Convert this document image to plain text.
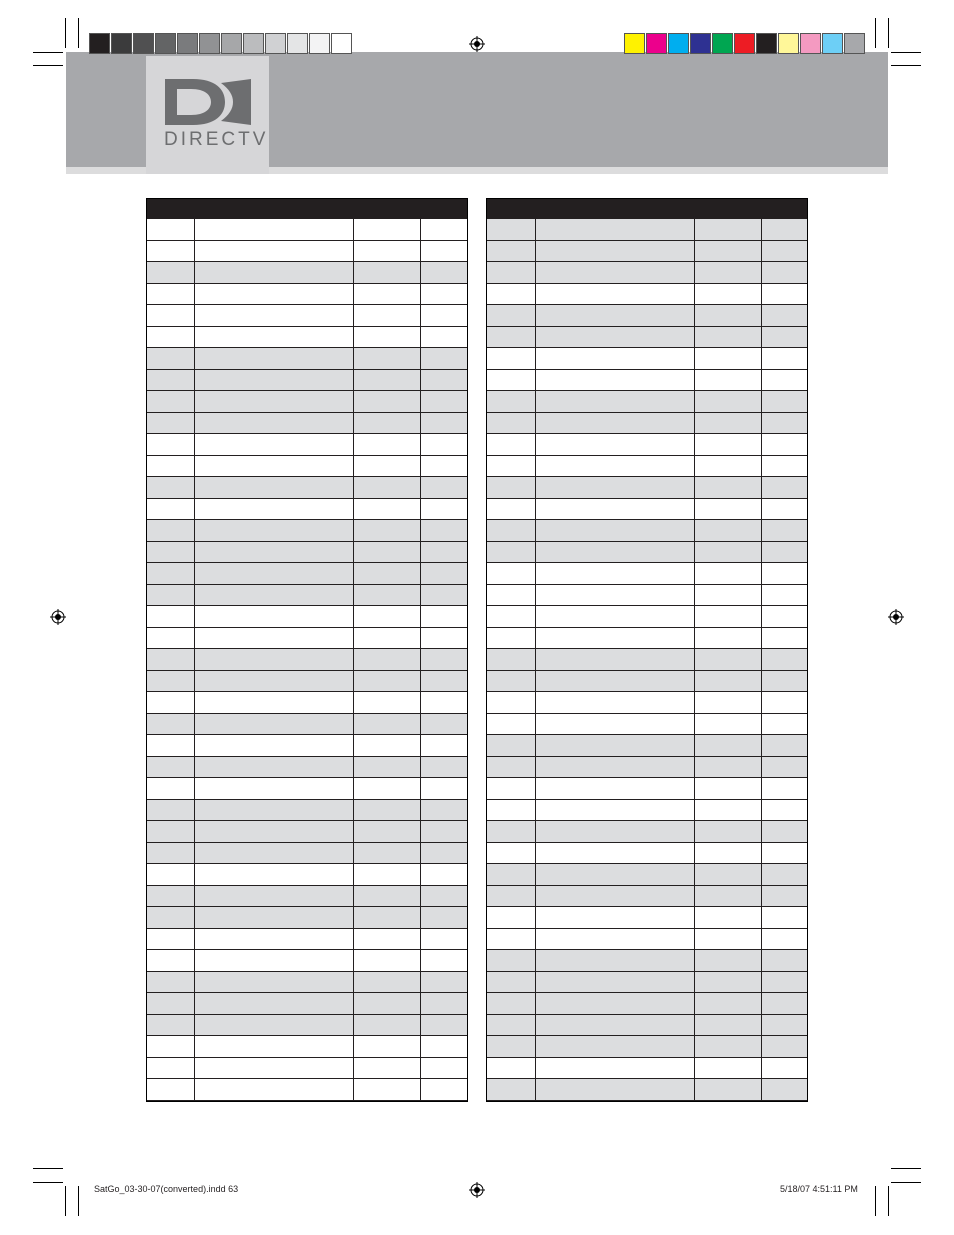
DIRECTV
SatGo_03-30-07(converted).indd 63	5/18/07 4:51:11 PM
